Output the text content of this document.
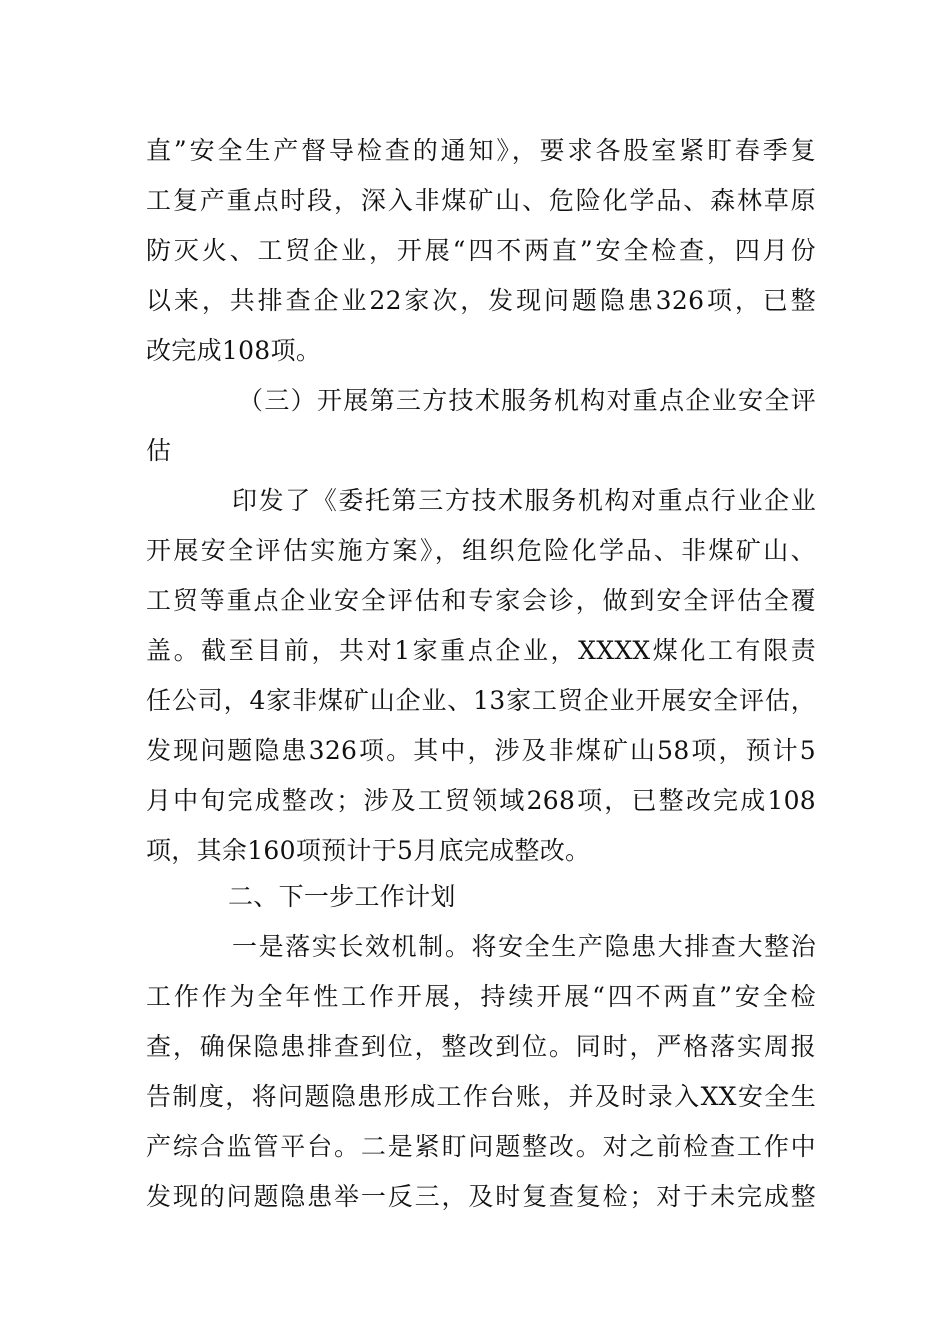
直”安全生产督导检查的通知》，要求各股室紧盯春季复
工复产重点时段，深入非煤矿山、危险化学品、森林草原
防灭火、工贸企业，开展“四不两直”安全检查，四月份
以来，共排查企业22家次，发现问题隐患326项，已整
改完成108项。
（三）开展第三方技术服务机构对重点企业安全评
估
印发了《委托第三方技术服务机构对重点行业企业
开展安全评估实施方案》，组织危险化学品、非煤矿山、
工贸等重点企业安全评估和专家会诊，做到安全评估全覆
盖。截至目前，共对1家重点企业，XXXX煤化工有限责
任公司，4家非煤矿山企业、13家工贸企业开展安全评估，
发现问题隐患326项。其中，涉及非煤矿山58项，预计5
月中旬完成整改；涉及工贸领域268项，已整改完成108
项，其余160项预计于5月底完成整改。
二、下一步工作计划
一是落实长效机制。将安全生产隐患大排查大整治
工作作为全年性工作开展，持续开展“四不两直”安全检
查，确保隐患排查到位，整改到位。同时，严格落实周报
告制度，将问题隐患形成工作台账，并及时录入XX安全生
产综合监管平台。二是紧盯问题整改。对之前检查工作中
发现的问题隐患举一反三，及时复查复检；对于未完成整
